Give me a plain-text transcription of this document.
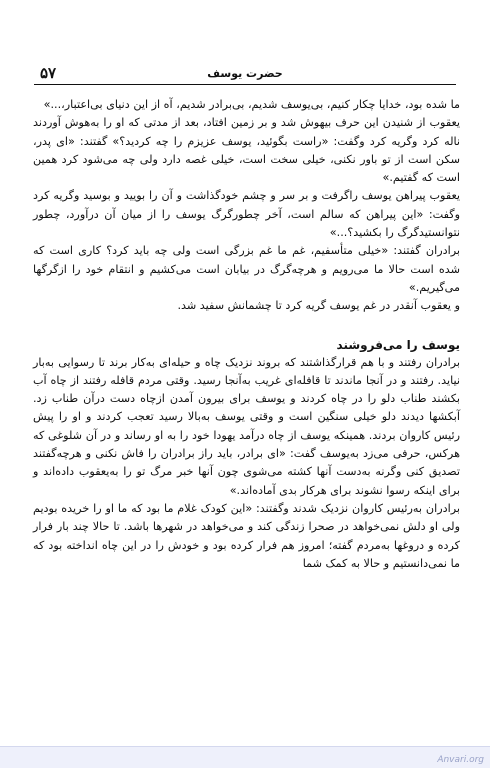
۵۷	حضرت یوسف

ما شده بود، خدایا چکار کنیم، بی‌یوسف شدیم، بی‌برادر شدیم، آه از این دنیای بی‌اعتبار،...»

یعقوب از شنیدن این حرف بیهوش شد و بر زمین افتاد، بعد از مدتی که او را به‌هوش آوردند ناله کرد وگریه کرد وگفت: «راست بگوئید، یوسف عزیزم را چه کردید؟» گفتند: «ای پدر، سکن است از تو باور نکنی، خیلی سخت است، خیلی غصه دارد ولی چه می‌شود کرد همین است که گفتیم.»

یعقوب پیراهن یوسف راگرفت و بر سر و چشم خودگذاشت و آن را بویید و بوسید وگریه کرد وگفت: «این پیراهن که سالم است، آخر چطورگرگ یوسف را از میان آن درآورد، چطور نتوانستیدگرگ را بکشید؟...»

برادران گفتند: «خیلی متأسفیم، غم ما غم بزرگی است ولی چه باید کرد؟ کاری است که شده است حالا ما می‌رویم و هرچه‌گرگ در بیابان است می‌کشیم و انتقام خود را ازگرگها می‌گیریم.»

و یعقوب آنقدر در غم یوسف گریه کرد تا چشمانش سفید شد.

یوسف را می‌فروشند

برادران رفتند و با هم قرارگذاشتند که بروند نزدیک چاه و حیله‌ای به‌کار برند تا رسوایی به‌بار نیاید. رفتند و در آنجا ماندند تا قافله‌ای غریب به‌آنجا رسید. وقتی مردم قافله رفتند از چاه آب بکشند طناب دلو را در چاه کردند و یوسف برای بیرون آمدن ازچاه دست درآن طناب زد. آبکشها دیدند دلو خیلی سنگین است و وقتی یوسف به‌بالا رسید تعجب کردند و او را پیش رئیس کاروان بردند. همینکه یوسف از چاه درآمد یهودا خود را به او رساند و در آن شلوغی که هرکس، حرفی می‌زد به‌یوسف گفت: «ای برادر، باید راز برادران را فاش نکنی و هرچه‌گفتند تصدیق کنی وگرنه به‌دست آنها کشته می‌شوی چون آنها خبر مرگ تو را به‌یعقوب داده‌اند و برای اینکه رسوا نشوند برای هرکار بدی آماده‌اند.»

برادران به‌رئیس کاروان نزدیک شدند وگفتند: «این کودک غلام ما بود که ما او را خریده بودیم ولی او دلش نمی‌خواهد در صحرا زندگی کند و می‌خواهد در شهرها باشد. تا حالا چند بار فرار کرده و دروغها به‌مردم گفته؛ امروز هم فرار کرده بود و خودش را در این چاه انداخته بود که ما نمی‌دانستیم و حالا به کمک شما

Anvari.org
